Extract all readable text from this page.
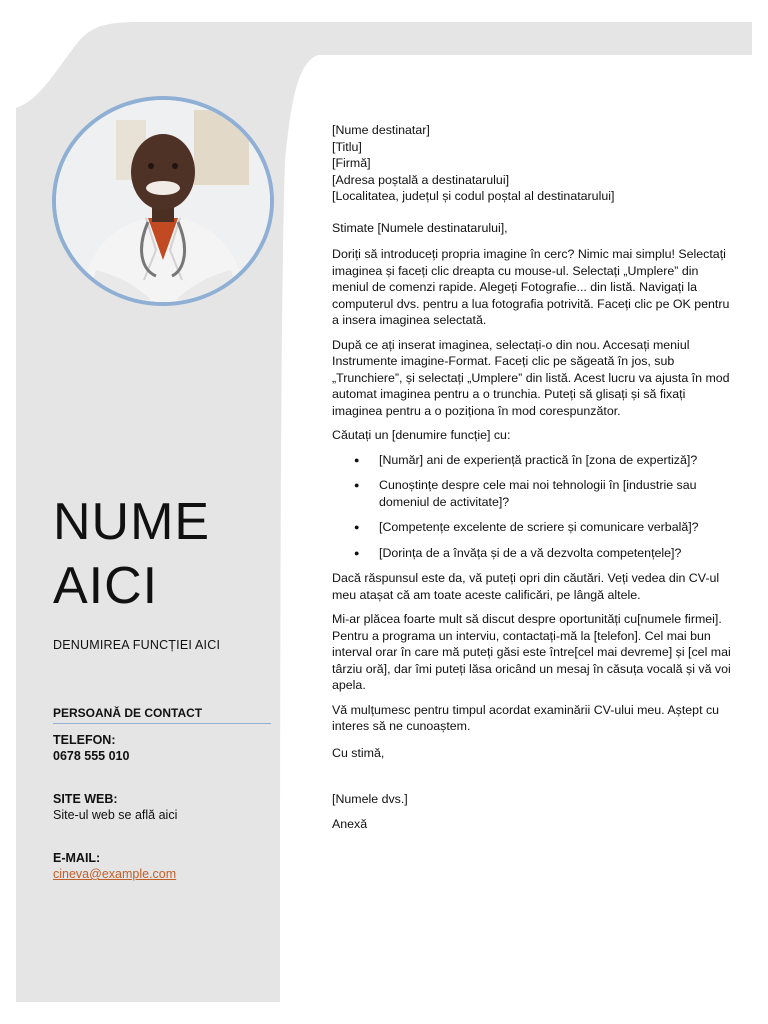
NUME
AICI
DENUMIREA FUNCȚIEI AICI
PERSOANĂ DE CONTACT
TELEFON:
0678 555 010
SITE WEB:
Site-ul web se află aici
E-MAIL:
cineva@example.com

[Nume destinatar]
[Titlu]
[Firmă]
[Adresa poștală a destinatarului]
[Localitatea, județul și codul poștal al destinatarului]

Stimate [Numele destinatarului],

Doriți să introduceți propria imagine în cerc? Nimic mai simplu! Selectați imaginea și faceți clic dreapta cu mouse-ul. Selectați „Umplere” din meniul de comenzi rapide. Alegeți Fotografie... din listă. Navigați la computerul dvs. pentru a lua fotografia potrivită. Faceți clic pe OK pentru a insera imaginea selectată.

După ce ați inserat imaginea, selectați-o din nou. Accesați meniul Instrumente imagine-Format. Faceți clic pe săgeată în jos, sub „Trunchiere”, și selectați „Umplere” din listă. Acest lucru va ajusta în mod automat imaginea pentru a o trunchia. Puteți să glisați și să fixați imaginea pentru a o poziționa în mod corespunzător.

Căutați un [denumire funcție] cu:

● [Număr] ani de experiență practică în [zona de expertiză]?
● Cunoștințe despre cele mai noi tehnologii în [industrie sau domeniul de activitate]?
● [Competențe excelente de scriere și comunicare verbală]?
● [Dorința de a învăța și de a vă dezvolta competențele]?

Dacă răspunsul este da, vă puteți opri din căutări. Veți vedea din CV-ul meu atașat că am toate aceste calificări, pe lângă altele.

Mi-ar plăcea foarte mult să discut despre oportunități cu[numele firmei]. Pentru a programa un interviu, contactați-mă la [telefon]. Cel mai bun interval orar în care mă puteți găsi este între[cel mai devreme] și [cel mai târziu oră], dar îmi puteți lăsa oricând un mesaj în căsuța vocală și vă voi apela.

Vă mulțumesc pentru timpul acordat examinării CV-ului meu. Aștept cu interes să ne cunoaștem.

Cu stimă,

[Numele dvs.]

Anexă
